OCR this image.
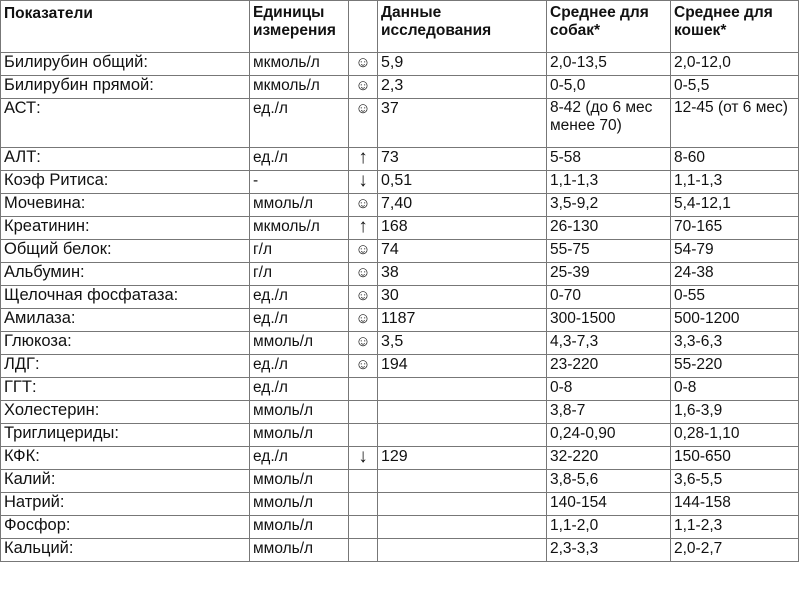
Показатели	Единицы измерения		Данные исследования	Среднее для собак*	Среднее для кошек*
Билирубин общий:	мкмоль/л	☺	5,9	2,0-13,5	2,0-12,0
Билирубин прямой:	мкмоль/л	☺	2,3	0-5,0	0-5,5
АСТ:	ед./л	☺	37	8-42 (до 6 мес менее 70)	12-45 (от 6 мес)
АЛТ:	ед./л	↑	73	5-58	8-60
Коэф Ритиса:	-	↓	0,51	1,1-1,3	1,1-1,3
Мочевина:	ммоль/л	☺	7,40	3,5-9,2	5,4-12,1
Креатинин:	мкмоль/л	↑	168	26-130	70-165
Общий белок:	г/л	☺	74	55-75	54-79
Альбумин:	г/л	☺	38	25-39	24-38
Щелочная фосфатаза:	ед./л	☺	30	0-70	0-55
Амилаза:	ед./л	☺	1187	300-1500	500-1200
Глюкоза:	ммоль/л	☺	3,5	4,3-7,3	3,3-6,3
ЛДГ:	ед./л	☺	194	23-220	55-220
ГГТ:	ед./л			0-8	0-8
Холестерин:	ммоль/л			3,8-7	1,6-3,9
Триглицериды:	ммоль/л			0,24-0,90	0,28-1,10
КФК:	ед./л	↓	129	32-220	150-650
Калий:	ммоль/л			3,8-5,6	3,6-5,5
Натрий:	ммоль/л			140-154	144-158
Фосфор:	ммоль/л			1,1-2,0	1,1-2,3
Кальций:	ммоль/л			2,3-3,3	2,0-2,7
